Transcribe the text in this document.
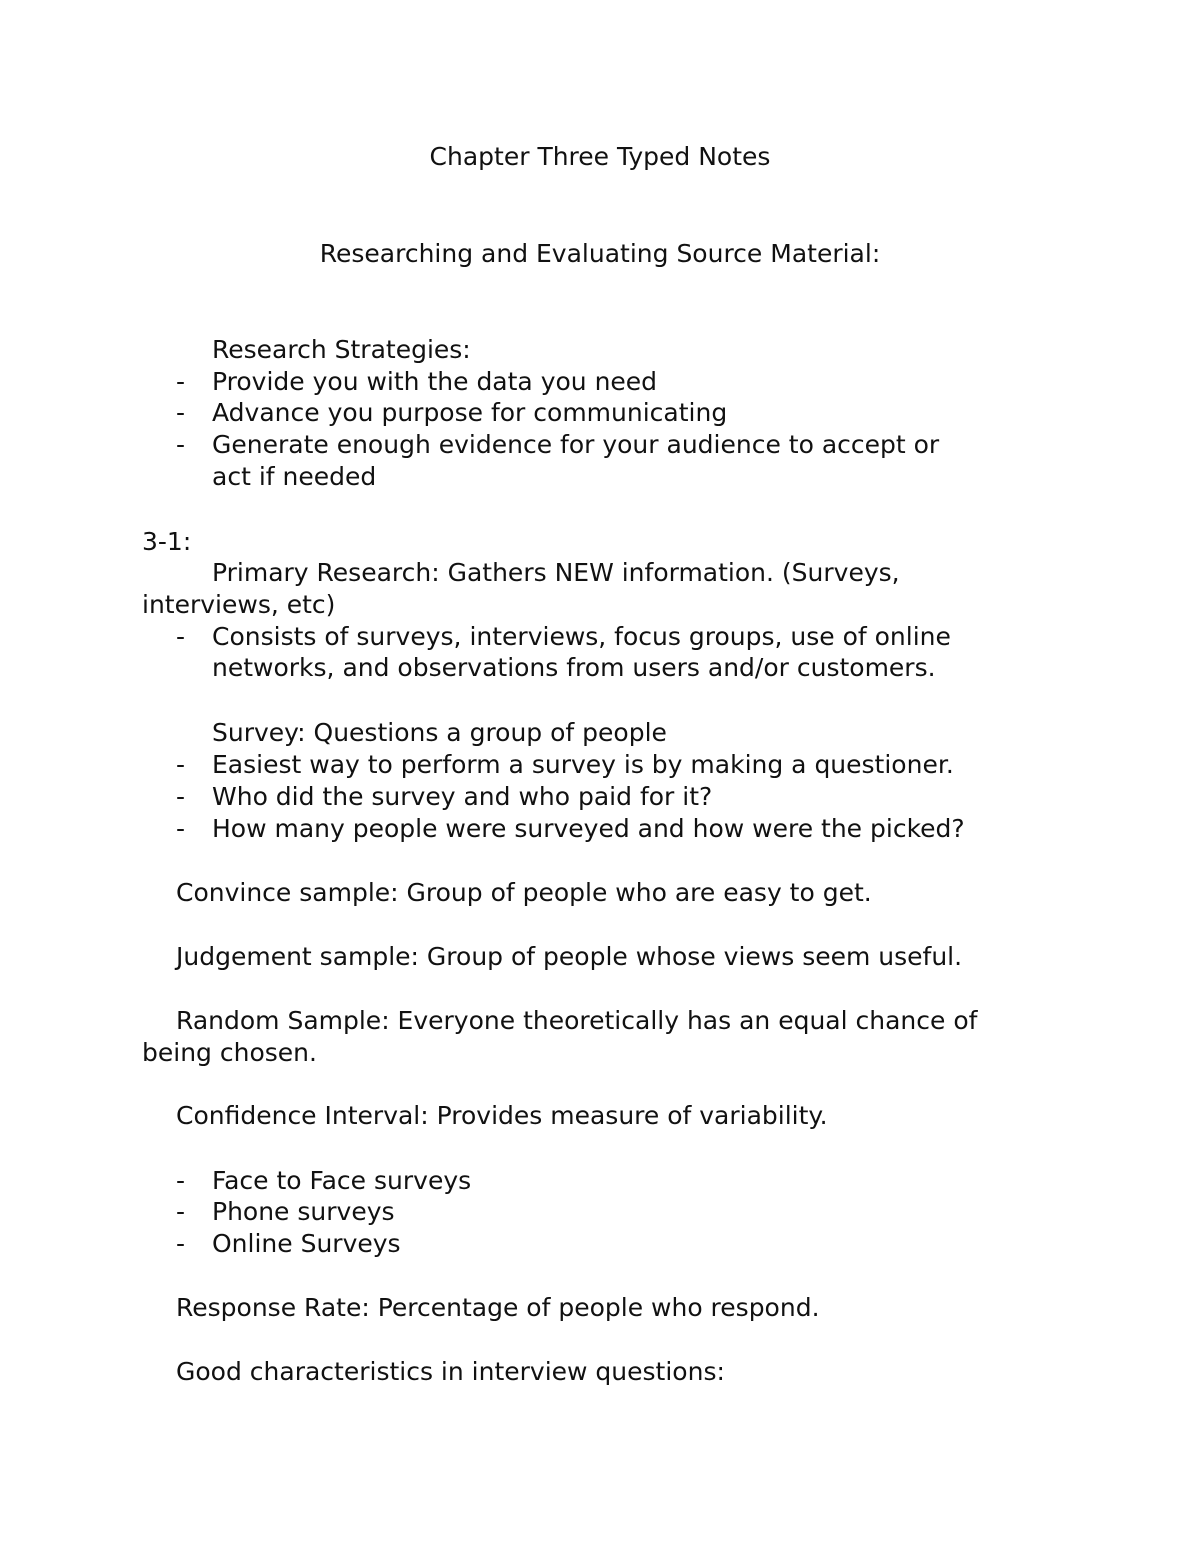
Chapter Three Typed Notes
Researching and Evaluating Source Material:
Research Strategies:
- Provide you with the data you need
- Advance you purpose for communicating
- Generate enough evidence for your audience to accept or
act if needed
3-1:
Primary Research: Gathers NEW information. (Surveys,
interviews, etc)
- Consists of surveys, interviews, focus groups, use of online
networks, and observations from users and/or customers.
Survey: Questions a group of people
- Easiest way to perform a survey is by making a questioner.
- Who did the survey and who paid for it?
- How many people were surveyed and how were the picked?
Convince sample: Group of people who are easy to get.
Judgement sample: Group of people whose views seem useful.
Random Sample: Everyone theoretically has an equal chance of
being chosen.
Confidence Interval: Provides measure of variability.
- Face to Face surveys
- Phone surveys
- Online Surveys
Response Rate: Percentage of people who respond.
Good characteristics in interview questions:
